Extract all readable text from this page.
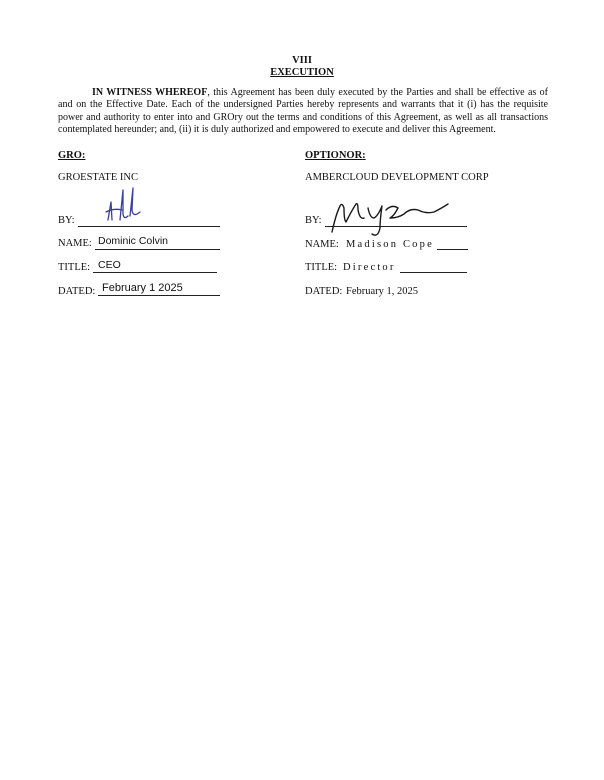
VIII
EXECUTION

IN WITNESS WHEREOF, this Agreement has been duly executed by the Parties and shall be effective as of and on the Effective Date. Each of the undersigned Parties hereby represents and warrants that it (i) has the requisite power and authority to enter into and GROry out the terms and conditions of this Agreement, as well as all transactions contemplated hereunder; and, (ii) it is duly authorized and empowered to execute and deliver this Agreement.

GRO:
GROESTATE INC
BY:
NAME: Dominic Colvin
TITLE: CEO
DATED: February 1 2025
OPTIONOR:
AMBERCLOUD DEVELOPMENT CORP
BY:
NAME: Madison Cope
TITLE: Director
DATED: February 1, 2025
